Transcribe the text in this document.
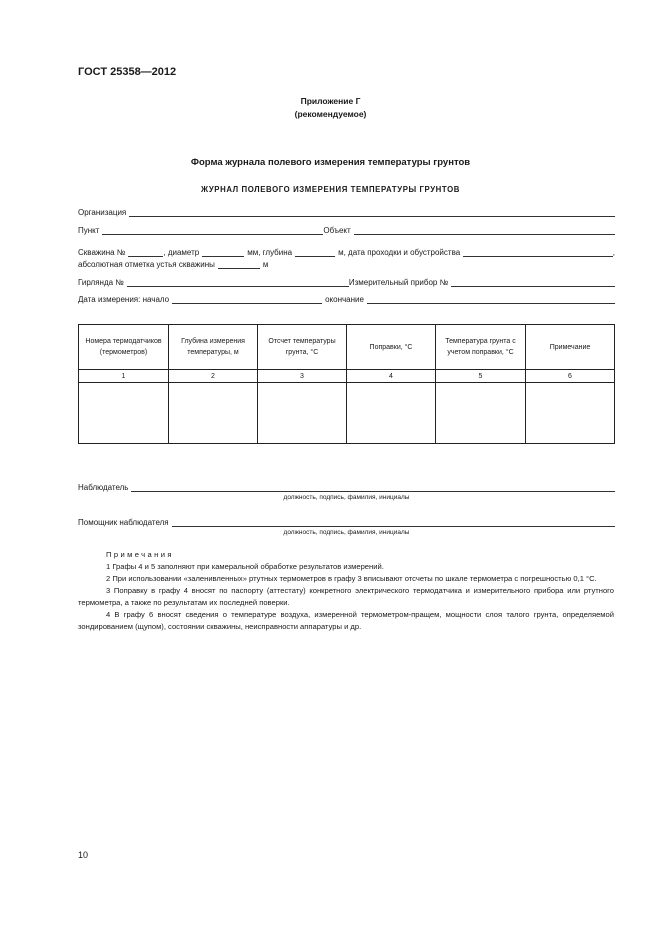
ГОСТ 25358—2012
Приложение Г
(рекомендуемое)
Форма журнала полевого измерения температуры грунтов
ЖУРНАЛ ПОЛЕВОГО ИЗМЕРЕНИЯ ТЕМПЕРАТУРЫ ГРУНТОВ
Организация
Пункт	Объект
Скважина №	, диаметр	мм, глубина	м, дата проходки и обустройства	,
абсолютная отметка устья скважины	м
Гирлянда №	Измерительный прибор №
Дата измерения: начало	окончание
Номера термодатчиков (термометров)	Глубина измерения температуры, м	Отсчет температуры грунта, °С	Поправки, °С	Температура грунта с учетом поправки, °С	Примечание
1	2	3	4	5	6

Наблюдатель
должность, подпись, фамилия, инициалы
Помощник наблюдателя
должность, подпись, фамилия, инициалы
Примечания
1 Графы 4 и 5 заполняют при камеральной обработке результатов измерений.
2 При использовании «заленивленных» ртутных термометров в графу 3 вписывают отсчеты по шкале термометра с погрешностью 0,1 °С.
3 Поправку в графу 4 вносят по паспорту (аттестату) конкретного электрического термодатчика и измерительного прибора или ртутного термометра, а также по результатам их последней поверки.
4 В графу 6 вносят сведения о температуре воздуха, измеренной термометром-пращем, мощности слоя талого грунта, определяемой зондированием (щупом), состоянии скважины, неисправности аппаратуры и др.
10
